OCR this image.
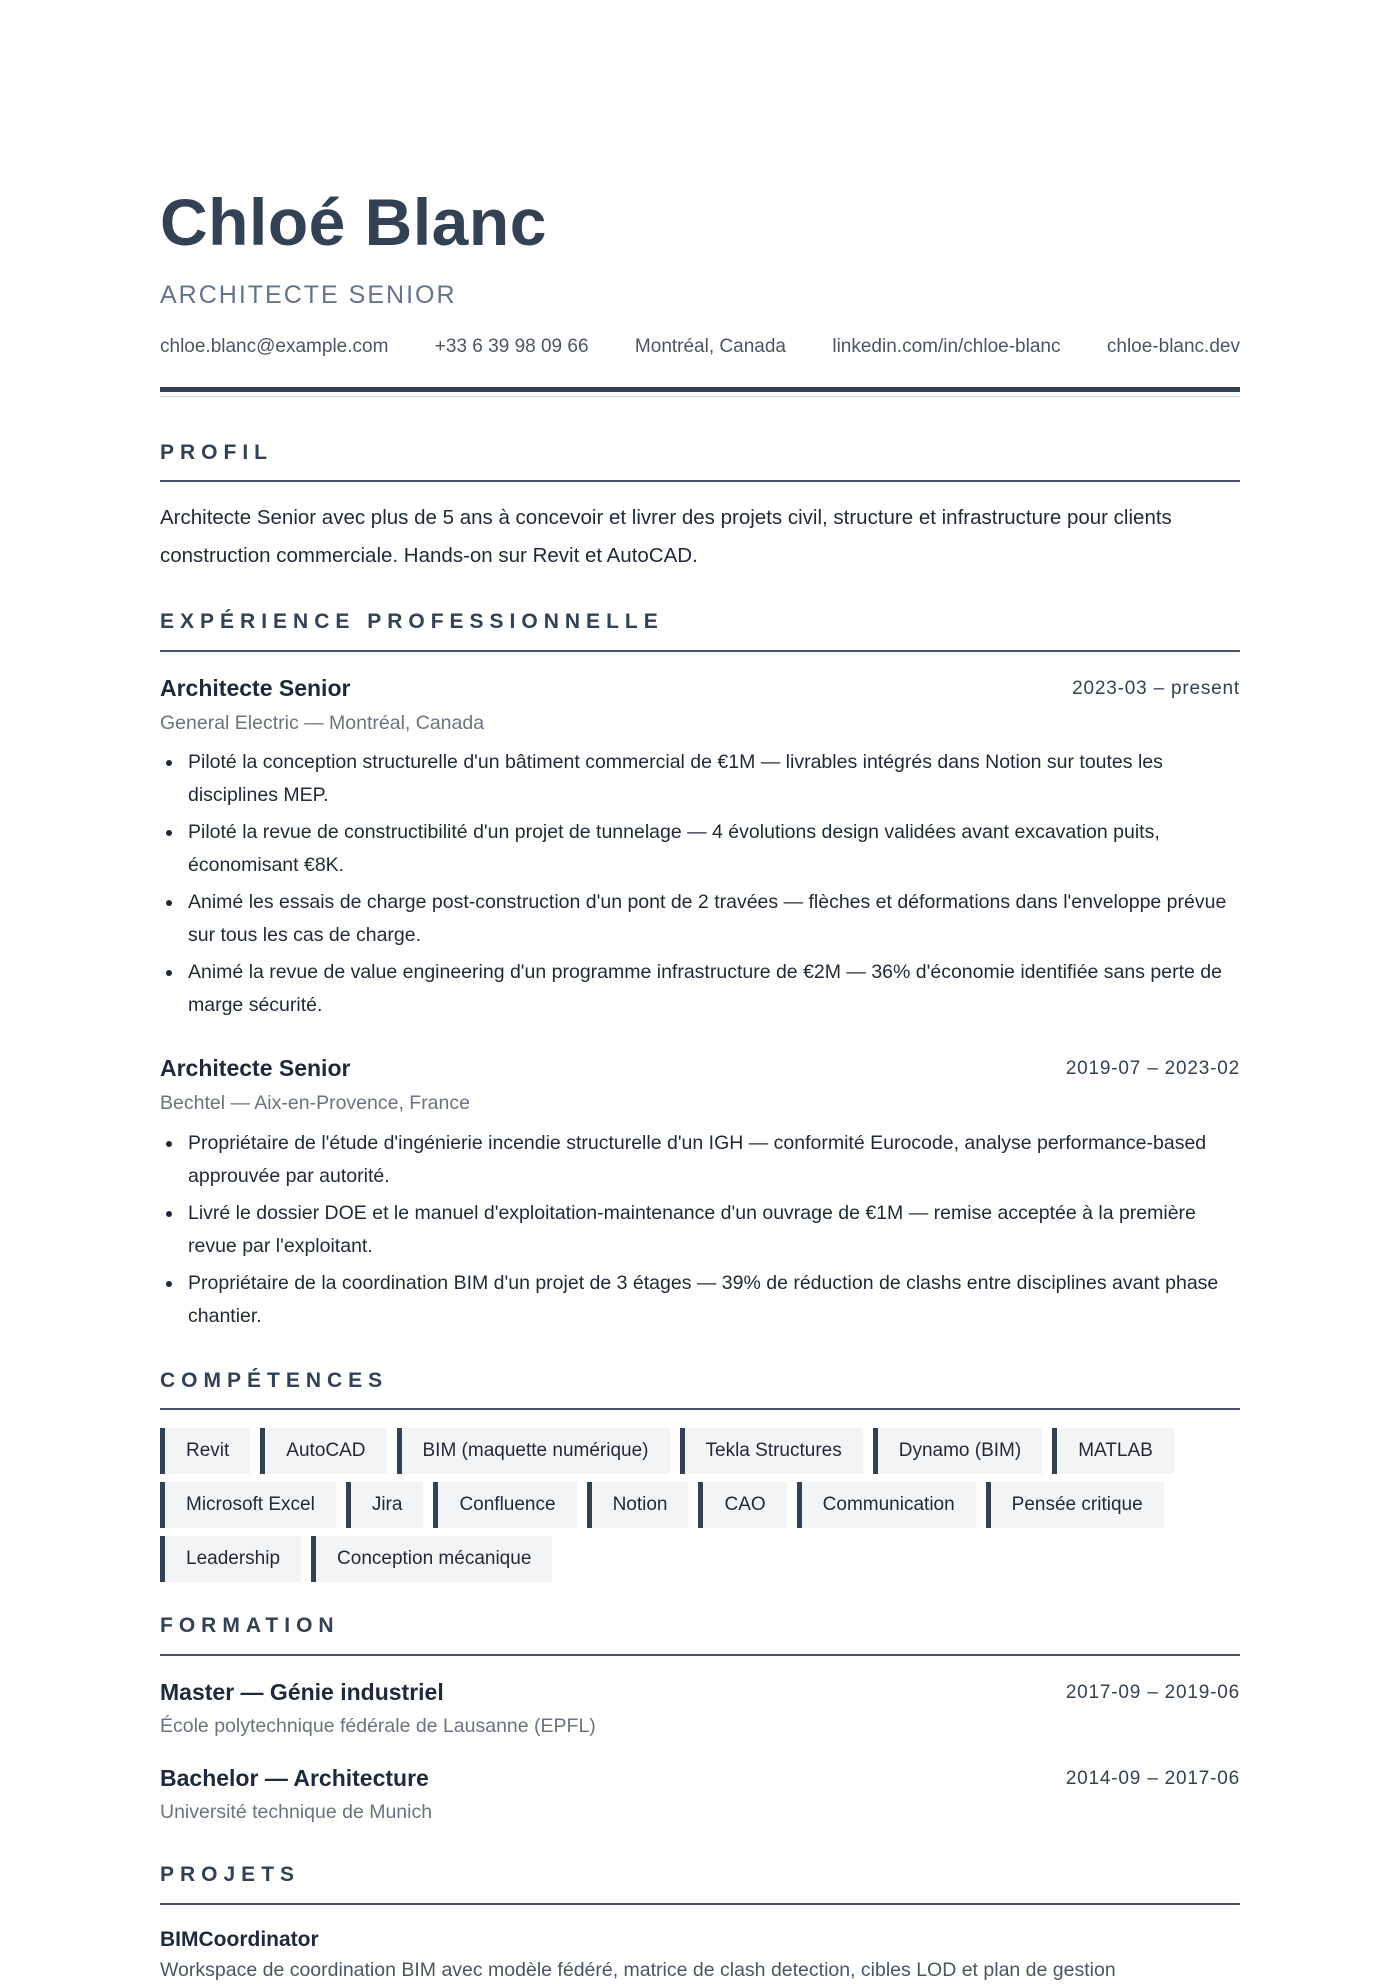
Chloé Blanc
ARCHITECTE SENIOR
chloe.blanc@example.com +33 6 39 98 09 66 Montréal, Canada linkedin.com/in/chloe-blanc chloe-blanc.dev
PROFIL
Architecte Senior avec plus de 5 ans à concevoir et livrer des projets civil, structure et infrastructure pour clients construction commerciale. Hands-on sur Revit et AutoCAD.
EXPÉRIENCE PROFESSIONNELLE
Architecte Senior	2023-03 – present
General Electric — Montréal, Canada
Piloté la conception structurelle d'un bâtiment commercial de €1M — livrables intégrés dans Notion sur toutes les disciplines MEP.
Piloté la revue de constructibilité d'un projet de tunnelage — 4 évolutions design validées avant excavation puits, économisant €8K.
Animé les essais de charge post-construction d'un pont de 2 travées — flèches et déformations dans l'enveloppe prévue sur tous les cas de charge.
Animé la revue de value engineering d'un programme infrastructure de €2M — 36% d'économie identifiée sans perte de marge sécurité.
Architecte Senior	2019-07 – 2023-02
Bechtel — Aix-en-Provence, France
Propriétaire de l'étude d'ingénierie incendie structurelle d'un IGH — conformité Eurocode, analyse performance-based approuvée par autorité.
Livré le dossier DOE et le manuel d'exploitation-maintenance d'un ouvrage de €1M — remise acceptée à la première revue par l'exploitant.
Propriétaire de la coordination BIM d'un projet de 3 étages — 39% de réduction de clashs entre disciplines avant phase chantier.
COMPÉTENCES
Revit	AutoCAD	BIM (maquette numérique)	Tekla Structures	Dynamo (BIM)	MATLAB
Microsoft Excel	Jira	Confluence	Notion	CAO	Communication	Pensée critique
Leadership	Conception mécanique
FORMATION
Master — Génie industriel	2017-09 – 2019-06
École polytechnique fédérale de Lausanne (EPFL)
Bachelor — Architecture	2014-09 – 2017-06
Université technique de Munich
PROJETS
BIMCoordinator
Workspace de coordination BIM avec modèle fédéré, matrice de clash detection, cibles LOD et plan de gestion
